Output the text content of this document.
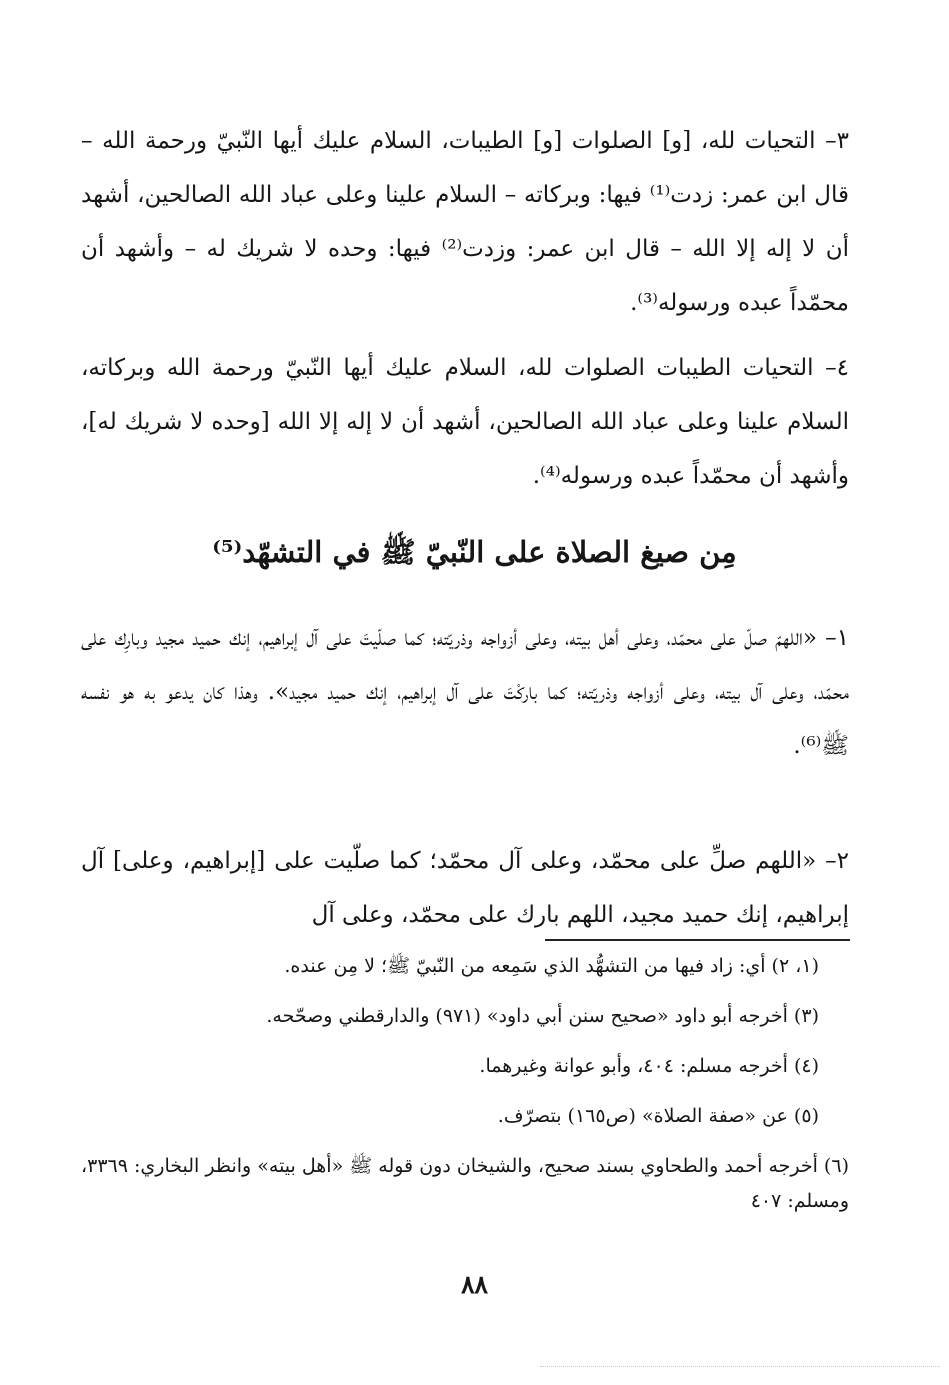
٣– التحيات لله، [و] الصلوات [و] الطيبات، السلام عليك أيها النّبيّ ورحمة الله – قال ابن عمر: زدت⁽¹⁾ فيها: وبركاته – السلام علينا وعلى عباد الله الصالحين، أشهد أن لا إله إلا الله – قال ابن عمر: وزدت⁽²⁾ فيها: وحده لا شريك له – وأشهد أن محمّداً عبده ورسوله⁽³⁾.

٤– التحيات الطيبات الصلوات لله، السلام عليك أيها النّبيّ ورحمة الله وبركاته، السلام علينا وعلى عباد الله الصالحين، أشهد أن لا إله إلا الله [وحده لا شريك له]، وأشهد أن محمّداً عبده ورسوله⁽⁴⁾.

مِن صيغ الصلاة على النّبيّ ﷺ في التشهّد⁽⁵⁾

١– «اللهمّ صلّ على محمّد، وعلى أهل بيته، وعلى أزواجه وذريّته؛ كما صلّيتَ على آل إبراهيم، إنك حميد مجيد وبارِك على محمّد، وعلى آل بيته، وعلى أزواجه وذريّته؛ كما باركْتَ على آل إبراهيم، إنك حميد مجيد». وهذا كان يدعو به هو نفسه ﷺ⁽⁶⁾.

٢– «اللهم صلِّ على محمّد، وعلى آل محمّد؛ كما صلّيت على [إبراهيم، وعلى] آل إبراهيم، إنك حميد مجيد، اللهم بارك على محمّد، وعلى آل

(١، ٢) أي: زاد فيها من التشهُّد الذي سَمِعه من النّبيّ ﷺ؛ لا مِن عنده.
(٣) أخرجه أبو داود «صحيح سنن أبي داود» (٩٧١) والدارقطني وصحّحه.
(٤) أخرجه مسلم: ٤٠٤، وأبو عوانة وغيرهما.
(٥) عن «صفة الصلاة» (ص١٦٥) بتصرّف.
(٦) أخرجه أحمد والطحاوي بسند صحيح، والشيخان دون قوله ﷺ «أهل بيته» وانظر البخاري: ٣٣٦٩، ومسلم: ٤٠٧
٨٨
